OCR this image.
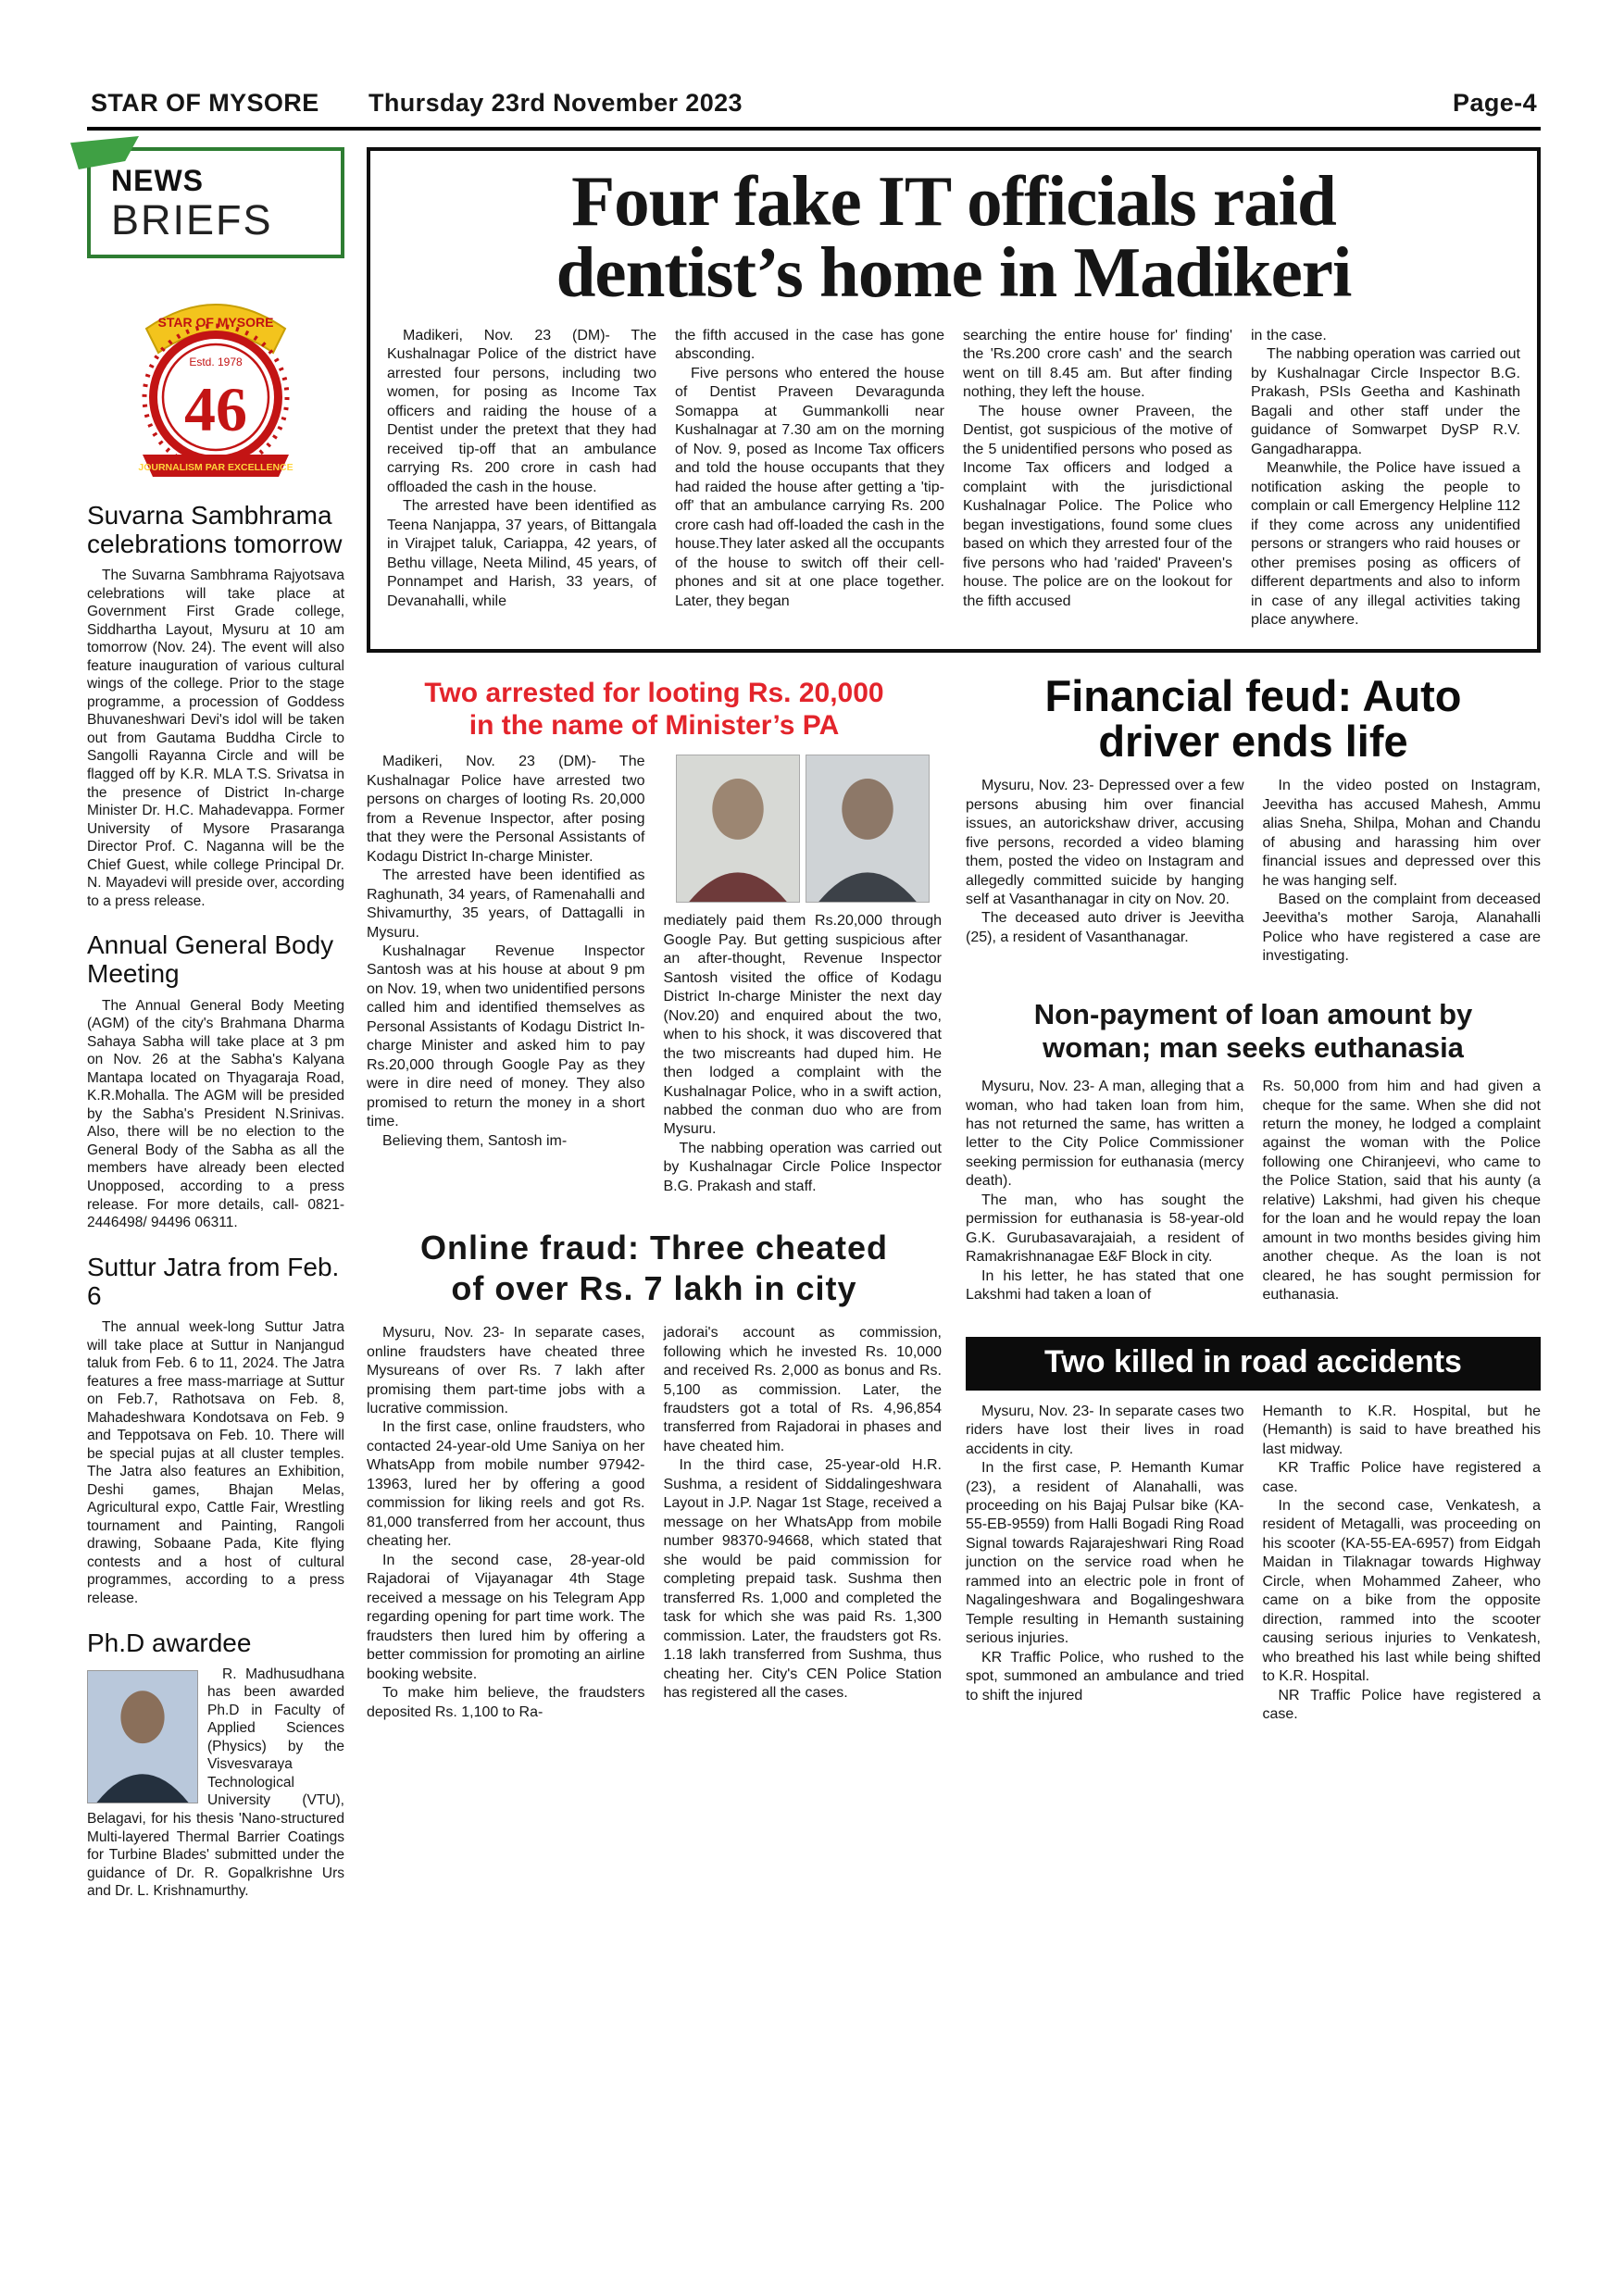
STAR OF MYSORE	Thursday 23rd November 2023	Page-4
NEWS
BRIEFS
STAR OF MYSORE
Estd. 1978
46
JOURNALISM PAR EXCELLENCE
Suvarna Sambhrama celebrations tomorrow

The Suvarna Sambhrama Rajyotsava celebrations will take place at Government First Grade college, Siddhartha Layout, Mysuru at 10 am tomorrow (Nov. 24). The event will also feature inauguration of various cultural wings of the college. Prior to the stage programme, a procession of Goddess Bhuvaneshwari Devi's idol will be taken out from Gautama Buddha Circle to Sangolli Rayanna Circle and will be flagged off by K.R. MLA T.S. Srivatsa in the presence of District In-charge Minister Dr. H.C. Mahadevappa. Former University of Mysore Prasaranga Director Prof. C. Naganna will be the Chief Guest, while college Principal Dr. N. Mayadevi will preside over, according to a press release.

Annual General Body Meeting

The Annual General Body Meeting (AGM) of the city's Brahmana Dharma Sahaya Sabha will take place at 3 pm on Nov. 26 at the Sabha's Kalyana Mantapa located on Thyagaraja Road, K.R.Mohalla. The AGM will be presided by the Sabha's President N.Srinivas. Also, there will be no election to the General Body of the Sabha as all the members have already been elected Unopposed, according to a press release. For more details, call- 0821- 2446498/ 94496 06311.

Suttur Jatra from Feb. 6

The annual week-long Suttur Jatra will take place at Suttur in Nanjangud taluk from Feb. 6 to 11, 2024. The Jatra features a free mass-marriage at Suttur on Feb.7, Rathotsava on Feb. 8, Mahadeshwara Kondotsava on Feb. 9 and Teppotsava on Feb. 10. There will be special pujas at all cluster temples. The Jatra also features an Exhibition, Deshi games, Bhajan Melas, Agricultural expo, Cattle Fair, Wrestling tournament and Painting, Rangoli drawing, Sobaane Pada, Kite flying contests and a host of cultural programmes, according to a press release.

Ph.D awardee

R. Madhusudhana has been awarded Ph.D in Faculty of Applied Sciences (Physics) by the Visvesvaraya Technological University (VTU), Belagavi, for his thesis 'Nano-structured Multi-layered Thermal Barrier Coatings for Turbine Blades' submitted under the guidance of Dr. R. Gopalkrishne Urs and Dr. L. Krishnamurthy.

Four fake IT officials raid
dentist’s home in Madikeri

Madikeri, Nov. 23 (DM)- The Kushalnagar Police of the district have arrested four persons, including two women, for posing as Income Tax officers and raiding the house of a Dentist under the pretext that they had received tip-off that an ambulance carrying Rs. 200 crore in cash had offloaded the cash in the house.

The arrested have been identified as Teena Nanjappa, 37 years, of Bittangala in Virajpet taluk, Cariappa, 42 years, of Bethu village, Neeta Milind, 45 years, of Ponnampet and Harish, 33 years, of Devanahalli, while

the fifth accused in the case has gone absconding.

Five persons who entered the house of Dentist Praveen Devaragunda Somappa at Gummankolli near Kushalnagar at 7.30 am on the morning of Nov. 9, posed as Income Tax officers and told the house occupants that they had raided the house after getting a 'tip-off' that an ambulance carrying Rs. 200 crore cash had off-loaded the cash in the house.They later asked all the occupants of the house to switch off their cell-phones and sit at one place together. Later, they began

searching the entire house for' finding' the 'Rs.200 crore cash' and the search went on till 8.45 am. But after finding nothing, they left the house.

The house owner Praveen, the Dentist, got suspicious of the motive of the 5 unidentified persons who posed as Income Tax officers and lodged a complaint with the jurisdictional Kushalnagar Police. The Police who began investigations, found some clues based on which they arrested four of the five persons who had 'raided' Praveen's house. The police are on the lookout for the fifth accused

in the case.

The nabbing operation was carried out by Kushalnagar Circle Inspector B.G. Prakash, PSIs Geetha and Kashinath Bagali and other staff under the guidance of Somwarpet DySP R.V. Gangadharappa.

Meanwhile, the Police have issued a notification asking the people to complain or call Emergency Helpline 112 if they come across any unidentified persons or strangers who raid houses or other premises posing as officers of different departments and also to inform in case of any illegal activities taking place anywhere.

Two arrested for looting Rs. 20,000
in the name of Minister’s PA

Madikeri, Nov. 23 (DM)- The Kushalnagar Police have arrested two persons on charges of looting Rs. 20,000 from a Revenue Inspector, after posing that they were the Personal Assistants of Kodagu District In-charge Minister.

The arrested have been identified as Raghunath, 34 years, of Ramenahalli and Shivamurthy, 35 years, of Dattagalli in Mysuru.

Kushalnagar Revenue Inspector Santosh was at his house at about 9 pm on Nov. 19, when two unidentified persons called him and identified themselves as Personal Assistants of Kodagu District In-charge Minister and asked him to pay Rs.20,000 through Google Pay as they were in dire need of money. They also promised to return the money in a short time.

Believing them, Santosh im-

mediately paid them Rs.20,000 through Google Pay. But getting suspicious after an after-thought, Revenue Inspector Santosh visited the office of Kodagu District In-charge Minister the next day (Nov.20) and enquired about the two, when to his shock, it was discovered that the two miscreants had duped him. He then lodged a complaint with the Kushalnagar Police, who in a swift action, nabbed the conman duo who are from Mysuru.

The nabbing operation was carried out by Kushalnagar Circle Police Inspector B.G. Prakash and staff.

Online fraud: Three cheated
of over Rs. 7 lakh in city

Mysuru, Nov. 23- In separate cases, online fraudsters have cheated three Mysureans of over Rs. 7 lakh after promising them part-time jobs with a lucrative commission.

In the first case, online fraudsters, who contacted 24-year-old Ume Saniya on her WhatsApp from mobile number 97942-13963, lured her by offering a good commission for liking reels and got Rs. 81,000 transferred from her account, thus cheating her.

In the second case, 28-year-old Rajadorai of Vijayanagar 4th Stage received a message on his Telegram App regarding opening for part time work. The fraudsters then lured him by offering a better commission for promoting an airline booking website.

To make him believe, the fraudsters deposited Rs. 1,100 to Ra-

jadorai's account as commission, following which he invested Rs. 10,000 and received Rs. 2,000 as bonus and Rs. 5,100 as commission. Later, the fraudsters got a total of Rs. 4,96,854 transferred from Rajadorai in phases and have cheated him.

In the third case, 25-year-old H.R. Sushma, a resident of Siddalingeshwara Layout in J.P. Nagar 1st Stage, received a message on her WhatsApp from mobile number 98370-94668, which stated that she would be paid commission for completing prepaid task. Sushma then transferred Rs. 1,000 and completed the task for which she was paid Rs. 1,300 commission. Later, the fraudsters got Rs. 1.18 lakh transferred from Sushma, thus cheating her. City's CEN Police Station has registered all the cases.

Financial feud: Auto
driver ends life

Mysuru, Nov. 23- Depressed over a few persons abusing him over financial issues, an autorickshaw driver, accusing five persons, recorded a video blaming them, posted the video on Instagram and allegedly committed suicide by hanging self at Vasanthanagar in city on Nov. 20.

The deceased auto driver is Jeevitha (25), a resident of Vasanthanagar.

In the video posted on Instagram, Jeevitha has accused Mahesh, Ammu alias Sneha, Shilpa, Mohan and Chandu of abusing and harassing him over financial issues and depressed over this he was hanging self.

Based on the complaint from deceased Jeevitha's mother Saroja, Alanahalli Police who have registered a case are investigating.

Non-payment of loan amount by
woman; man seeks euthanasia

Mysuru, Nov. 23- A man, alleging that a woman, who had taken loan from him, has not returned the same, has written a letter to the City Police Commissioner seeking permission for euthanasia (mercy death).

The man, who has sought the permission for euthanasia is 58-year-old G.K. Gurubasavarajaiah, a resident of Ramakrishnanagae E&F Block in city.

In his letter, he has stated that one Lakshmi had taken a loan of

Rs. 50,000 from him and had given a cheque for the same. When she did not return the money, he lodged a complaint against the woman with the Police following one Chiranjeevi, who came to the Police Station, said that his aunty (a relative) Lakshmi, had given his cheque for the loan and he would repay the loan amount in two months besides giving him another cheque. As the loan is not cleared, he has sought permission for euthanasia.

Two killed in road accidents

Mysuru, Nov. 23- In separate cases two riders have lost their lives in road accidents in city.

In the first case, P. Hemanth Kumar (23), a resident of Alanahalli, was proceeding on his Bajaj Pulsar bike (KA-55-EB-9559) from Halli Bogadi Ring Road Signal towards Rajarajeshwari Ring Road junction on the service road when he rammed into an electric pole in front of Nagalingeshwara and Bogalingeshwara Temple resulting in Hemanth sustaining serious injuries.

KR Traffic Police, who rushed to the spot, summoned an ambulance and tried to shift the injured

Hemanth to K.R. Hospital, but he (Hemanth) is said to have breathed his last midway.

KR Traffic Police have registered a case.

In the second case, Venkatesh, a resident of Metagalli, was proceeding on his scooter (KA-55-EA-6957) from Eidgah Maidan in Tilaknagar towards Highway Circle, when Mohammed Zaheer, who came on a bike from the opposite direction, rammed into the scooter causing serious injuries to Venkatesh, who breathed his last while being shifted to K.R. Hospital.

NR Traffic Police have registered a case.
